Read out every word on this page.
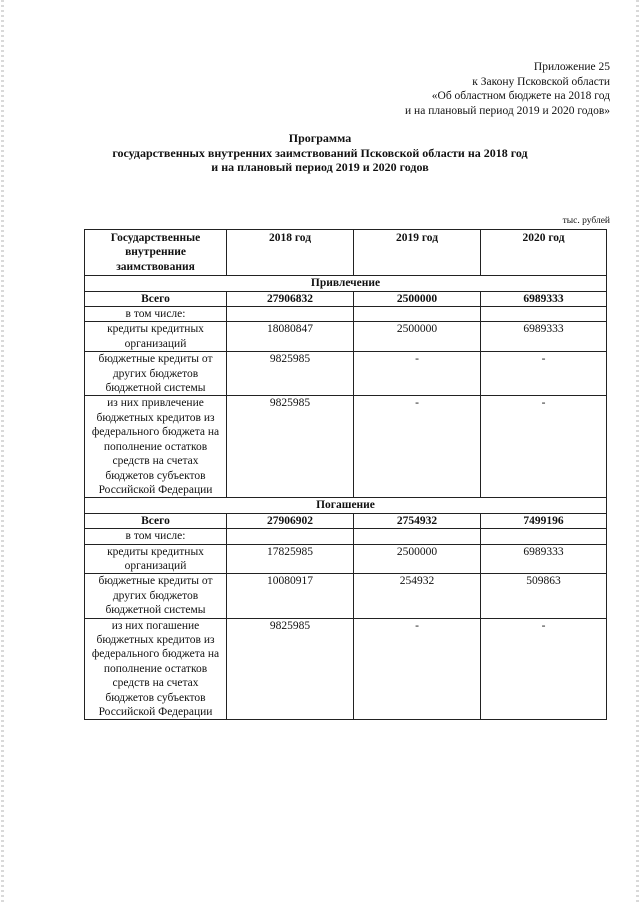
Приложение 25
к Закону Псковской области
«Об областном бюджете на 2018 год
и на плановый период 2019 и 2020 годов»
Программа
государственных внутренних заимствований Псковской области на 2018 год
и на плановый период 2019 и 2020 годов
тыс. рублей
Государственные внутренние заимствования	2018 год	2019 год	2020 год
Привлечение			
Всего	27906832	2500000	6989333
в том числе:			
кредиты кредитных организаций	18080847	2500000	6989333
бюджетные кредиты от других бюджетов бюджетной системы	9825985	-	-
из них привлечение бюджетных кредитов из федерального бюджета на пополнение остатков средств на счетах бюджетов субъектов Российской Федерации	9825985	-	-
Погашение			
Всего	27906902	2754932	7499196
в том числе:			
кредиты кредитных организаций	17825985	2500000	6989333
бюджетные кредиты от других бюджетов бюджетной системы	10080917	254932	509863
из них погашение бюджетных кредитов из федерального бюджета на пополнение остатков средств на счетах бюджетов субъектов Российской Федерации	9825985	-	-
